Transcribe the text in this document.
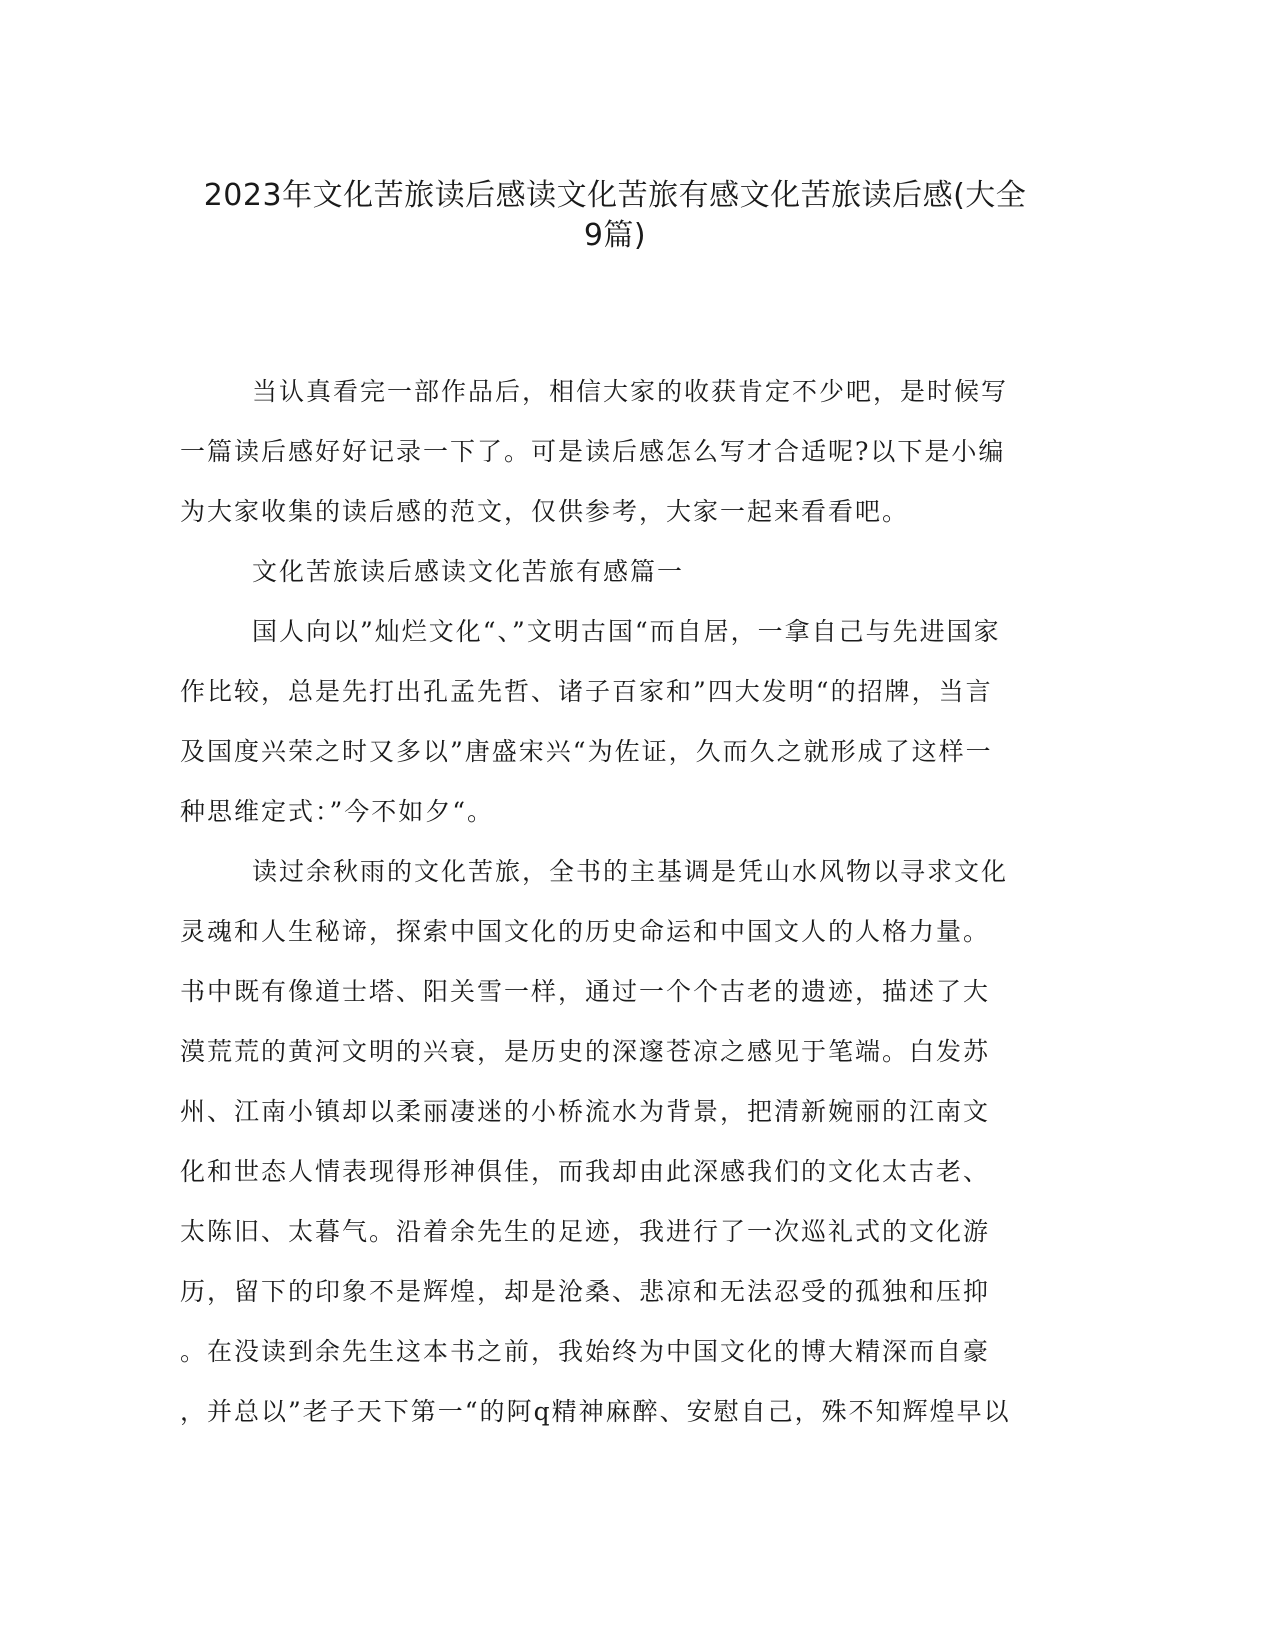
2023年文化苦旅读后感读文化苦旅有感文化苦旅读后感(大全
9篇)

当认真看完一部作品后，相信大家的收获肯定不少吧，是时候写
一篇读后感好好记录一下了。可是读后感怎么写才合适呢?以下是小编
为大家收集的读后感的范文，仅供参考，大家一起来看看吧。

文化苦旅读后感读文化苦旅有感篇一

国人向以”灿烂文化“、”文明古国“而自居，一拿自己与先进国家
作比较，总是先打出孔孟先哲、诸子百家和”四大发明“的招牌，当言
及国度兴荣之时又多以”唐盛宋兴“为佐证，久而久之就形成了这样一
种思维定式：”今不如夕“。

读过余秋雨的文化苦旅，全书的主基调是凭山水风物以寻求文化
灵魂和人生秘谛，探索中国文化的历史命运和中国文人的人格力量。
书中既有像道士塔、阳关雪一样，通过一个个古老的遗迹，描述了大
漠荒荒的黄河文明的兴衰，是历史的深邃苍凉之感见于笔端。白发苏
州、江南小镇却以柔丽凄迷的小桥流水为背景，把清新婉丽的江南文
化和世态人情表现得形神俱佳，而我却由此深感我们的文化太古老、
太陈旧、太暮气。沿着余先生的足迹，我进行了一次巡礼式的文化游
历，留下的印象不是辉煌，却是沧桑、悲凉和无法忍受的孤独和压抑
。在没读到余先生这本书之前，我始终为中国文化的博大精深而自豪
，并总以”老子天下第一“的阿q精神麻醉、安慰自己，殊不知辉煌早以
